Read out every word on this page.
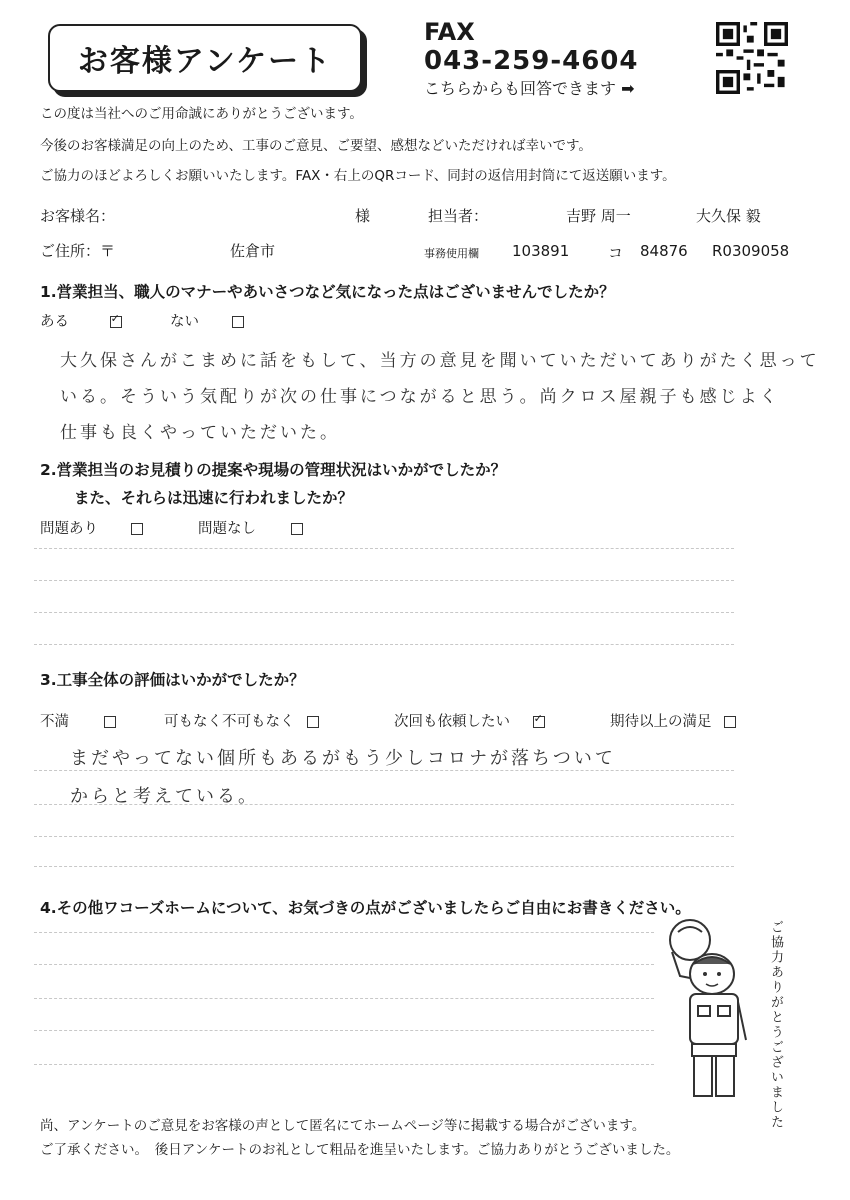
お客様アンケート
FAX
043-259-4604
こちらからも回答できます ➡
この度は当社へのご用命誠にありがとうございます。
今後のお客様満足の向上のため、工事のご意見、ご要望、感想などいただければ幸いです。
ご協力のほどよろしくお願いいたします。FAX・右上のQRコード、同封の返信用封筒にて返送願います。
お客様名：	様	担当者：	吉野 周一	大久保 毅
ご住所：〒	佐倉市	事務使用欄 103891	コ 84876 R0309058
1.営業担当、職人のマナーやあいさつなど気になった点はございませんでしたか？
ある ✓	ない
大久保さんがこまめに話をもして、当方の意見を聞いていただいてありがたく思って
いる。そういう気配りが次の仕事につながると思う。尚クロス屋親子も感じよく
仕事も良くやっていただいた。
2.営業担当のお見積りの提案や現場の管理状況はいかがでしたか？
また、それらは迅速に行われましたか？
問題あり	問題なし
3.工事全体の評価はいかがでしたか？
不満	可もなく不可もなく	次回も依頼したい ✓	期待以上の満足
まだやってない個所もあるがもう少しコロナが落ちついて
からと考えている。
4.その他ワコーズホームについて、お気づきの点がございましたらご自由にお書きください。
ご協力ありがとうございました
尚、アンケートのご意見をお客様の声として匿名にてホームページ等に掲載する場合がございます。
ご了承ください。　後日アンケートのお礼として粗品を進呈いたします。ご協力ありがとうございました。
